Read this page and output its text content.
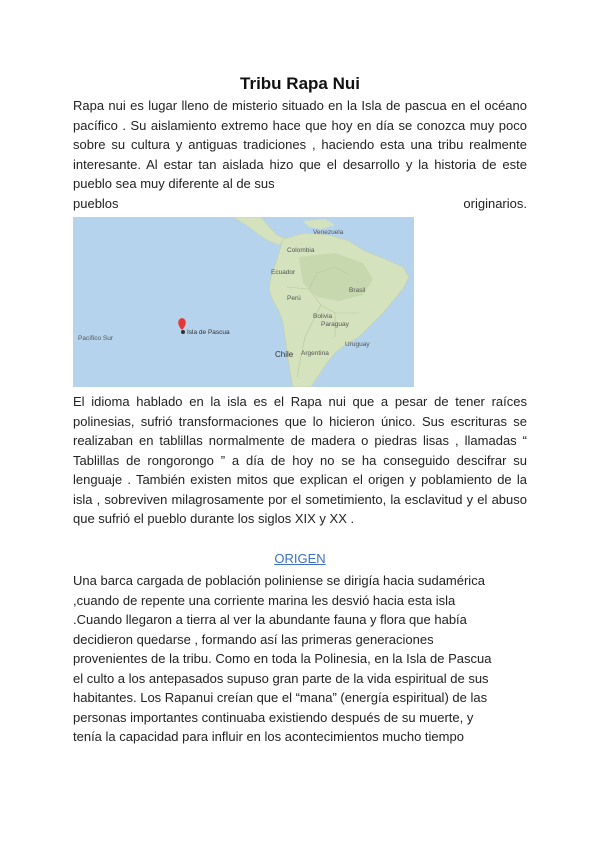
Tribu Rapa Nui
Rapa nui es lugar lleno de misterio situado en la Isla de pascua en el océano pacífico . Su aislamiento extremo hace que hoy en día se conozca muy poco sobre su cultura y antiguas tradiciones , haciendo esta una tribu realmente interesante. Al estar tan aislada hizo que el desarrollo y la historia de este pueblo sea muy diferente al de sus
pueblos	originarios.
Pacífico Sur
Isla de Pascua
Colombia
Brasil
Perú
Bolivia
Paraguay
Chile Argentina
Uruguay
Venezuela
Ecuador

El idioma hablado en la isla es el Rapa nui que a pesar de tener raíces polinesias, sufrió transformaciones que lo hicieron único. Sus escrituras se realizaban en tablillas normalmente de madera o piedras lisas , llamadas “ Tablillas de rongorongo ” a día de hoy no se ha conseguido descifrar su lenguaje . También existen mitos que explican el origen y poblamiento de la isla , sobreviven milagrosamente por el sometimiento, la esclavitud y el abuso que sufrió el pueblo durante los siglos XIX y XX .

ORIGEN
Una barca cargada de población poliniense se dirigía hacia sudamérica
,cuando de repente una corriente marina les desvió hacia esta isla
.Cuando llegaron a tierra al ver la abundante fauna y flora que había
decidieron quedarse , formando así las primeras generaciones
provenientes de la tribu. Como en toda la Polinesia, en la Isla de Pascua
el culto a los antepasados supuso gran parte de la vida espiritual de sus
habitantes. Los Rapanui creían que el “mana” (energía espiritual) de las
personas importantes continuaba existiendo después de su muerte, y
tenía la capacidad para influir en los acontecimientos mucho tiempo
